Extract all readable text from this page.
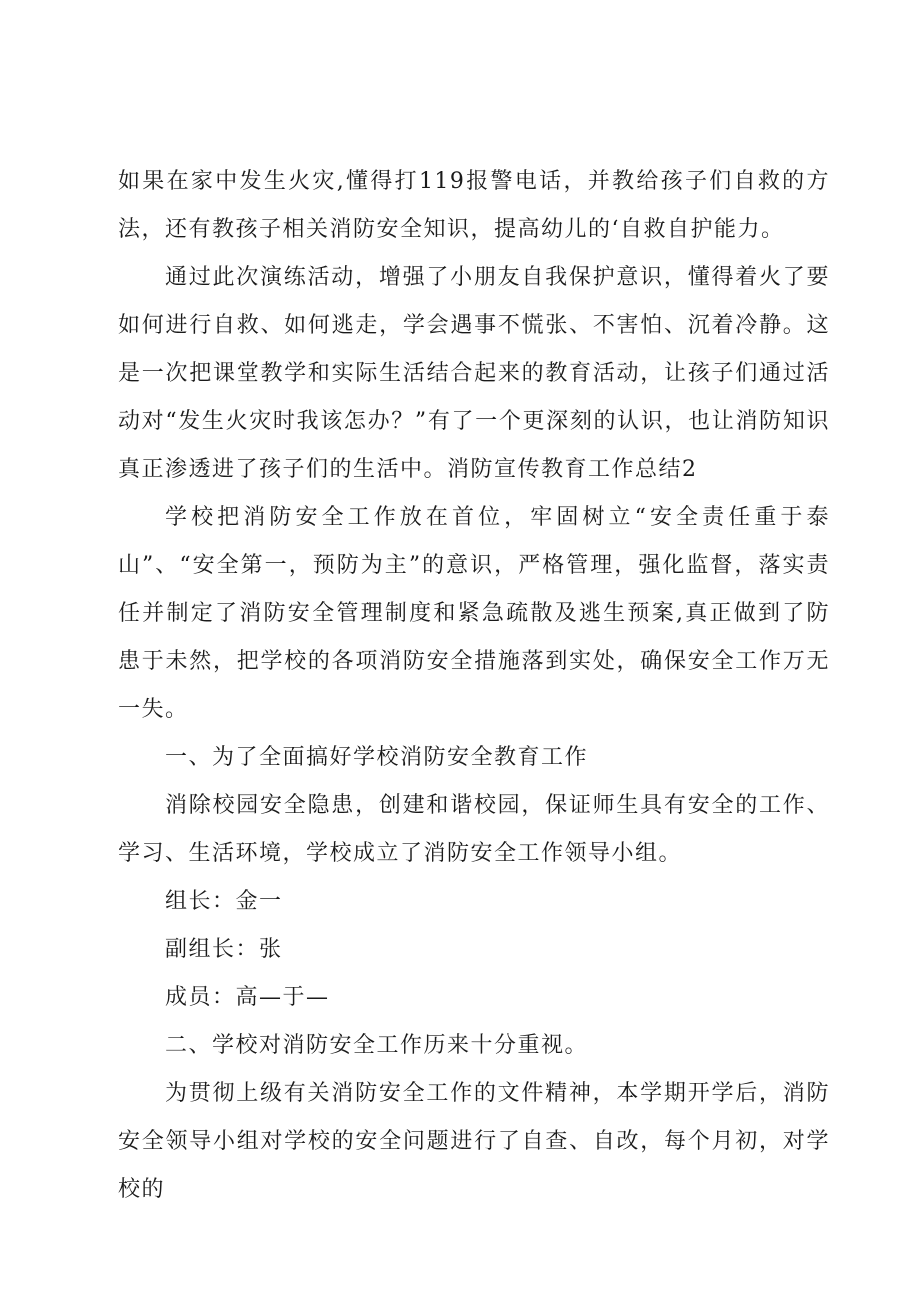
如果在家中发生火灾,懂得打119报警电话，并教给孩子们自救的方法，还有教孩子相关消防安全知识，提高幼儿的‘自救自护能力。

通过此次演练活动，增强了小朋友自我保护意识，懂得着火了要如何进行自救、如何逃走，学会遇事不慌张、不害怕、沉着冷静。这是一次把课堂教学和实际生活结合起来的教育活动，让孩子们通过活动对“发生火灾时我该怎办？”有了一个更深刻的认识，也让消防知识真正渗透进了孩子们的生活中。消防宣传教育工作总结2

学校把消防安全工作放在首位，牢固树立“安全责任重于泰山”、“安全第一，预防为主”的意识，严格管理，强化监督，落实责任并制定了消防安全管理制度和紧急疏散及逃生预案,真正做到了防患于未然，把学校的各项消防安全措施落到实处，确保安全工作万无一失。

一、为了全面搞好学校消防安全教育工作

消除校园安全隐患，创建和谐校园，保证师生具有安全的工作、学习、生活环境，学校成立了消防安全工作领导小组。

组长：金一

副组长：张

成员：高—于—

二、学校对消防安全工作历来十分重视。

为贯彻上级有关消防安全工作的文件精神，本学期开学后，消防安全领导小组对学校的安全问题进行了自查、自改，每个月初，对学校的
